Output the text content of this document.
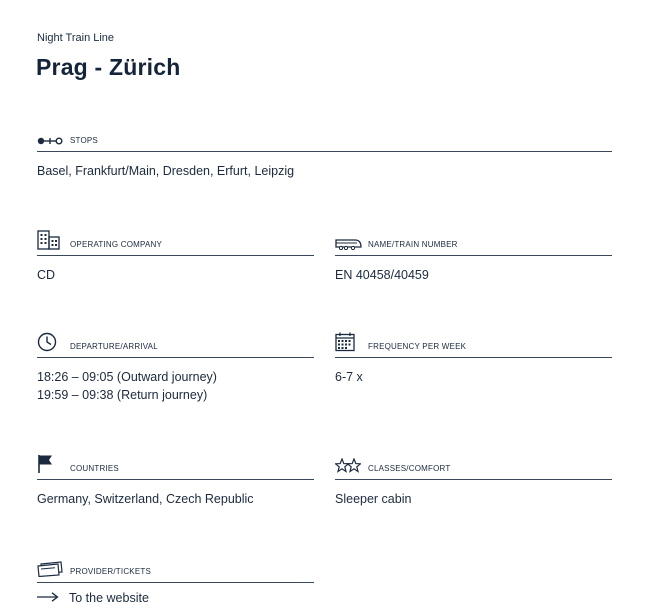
Night Train Line
Prag - Zürich
STOPS
Basel, Frankfurt/Main, Dresden, Erfurt, Leipzig
OPERATING COMPANY
CD
NAME/TRAIN NUMBER
EN 40458/40459
DEPARTURE/ARRIVAL
18:26 – 09:05 (Outward journey)
19:59 – 09:38 (Return journey)
FREQUENCY PER WEEK
6-7 x
COUNTRIES
Germany, Switzerland, Czech Republic
CLASSES/COMFORT
Sleeper cabin
PROVIDER/TICKETS
To the website
